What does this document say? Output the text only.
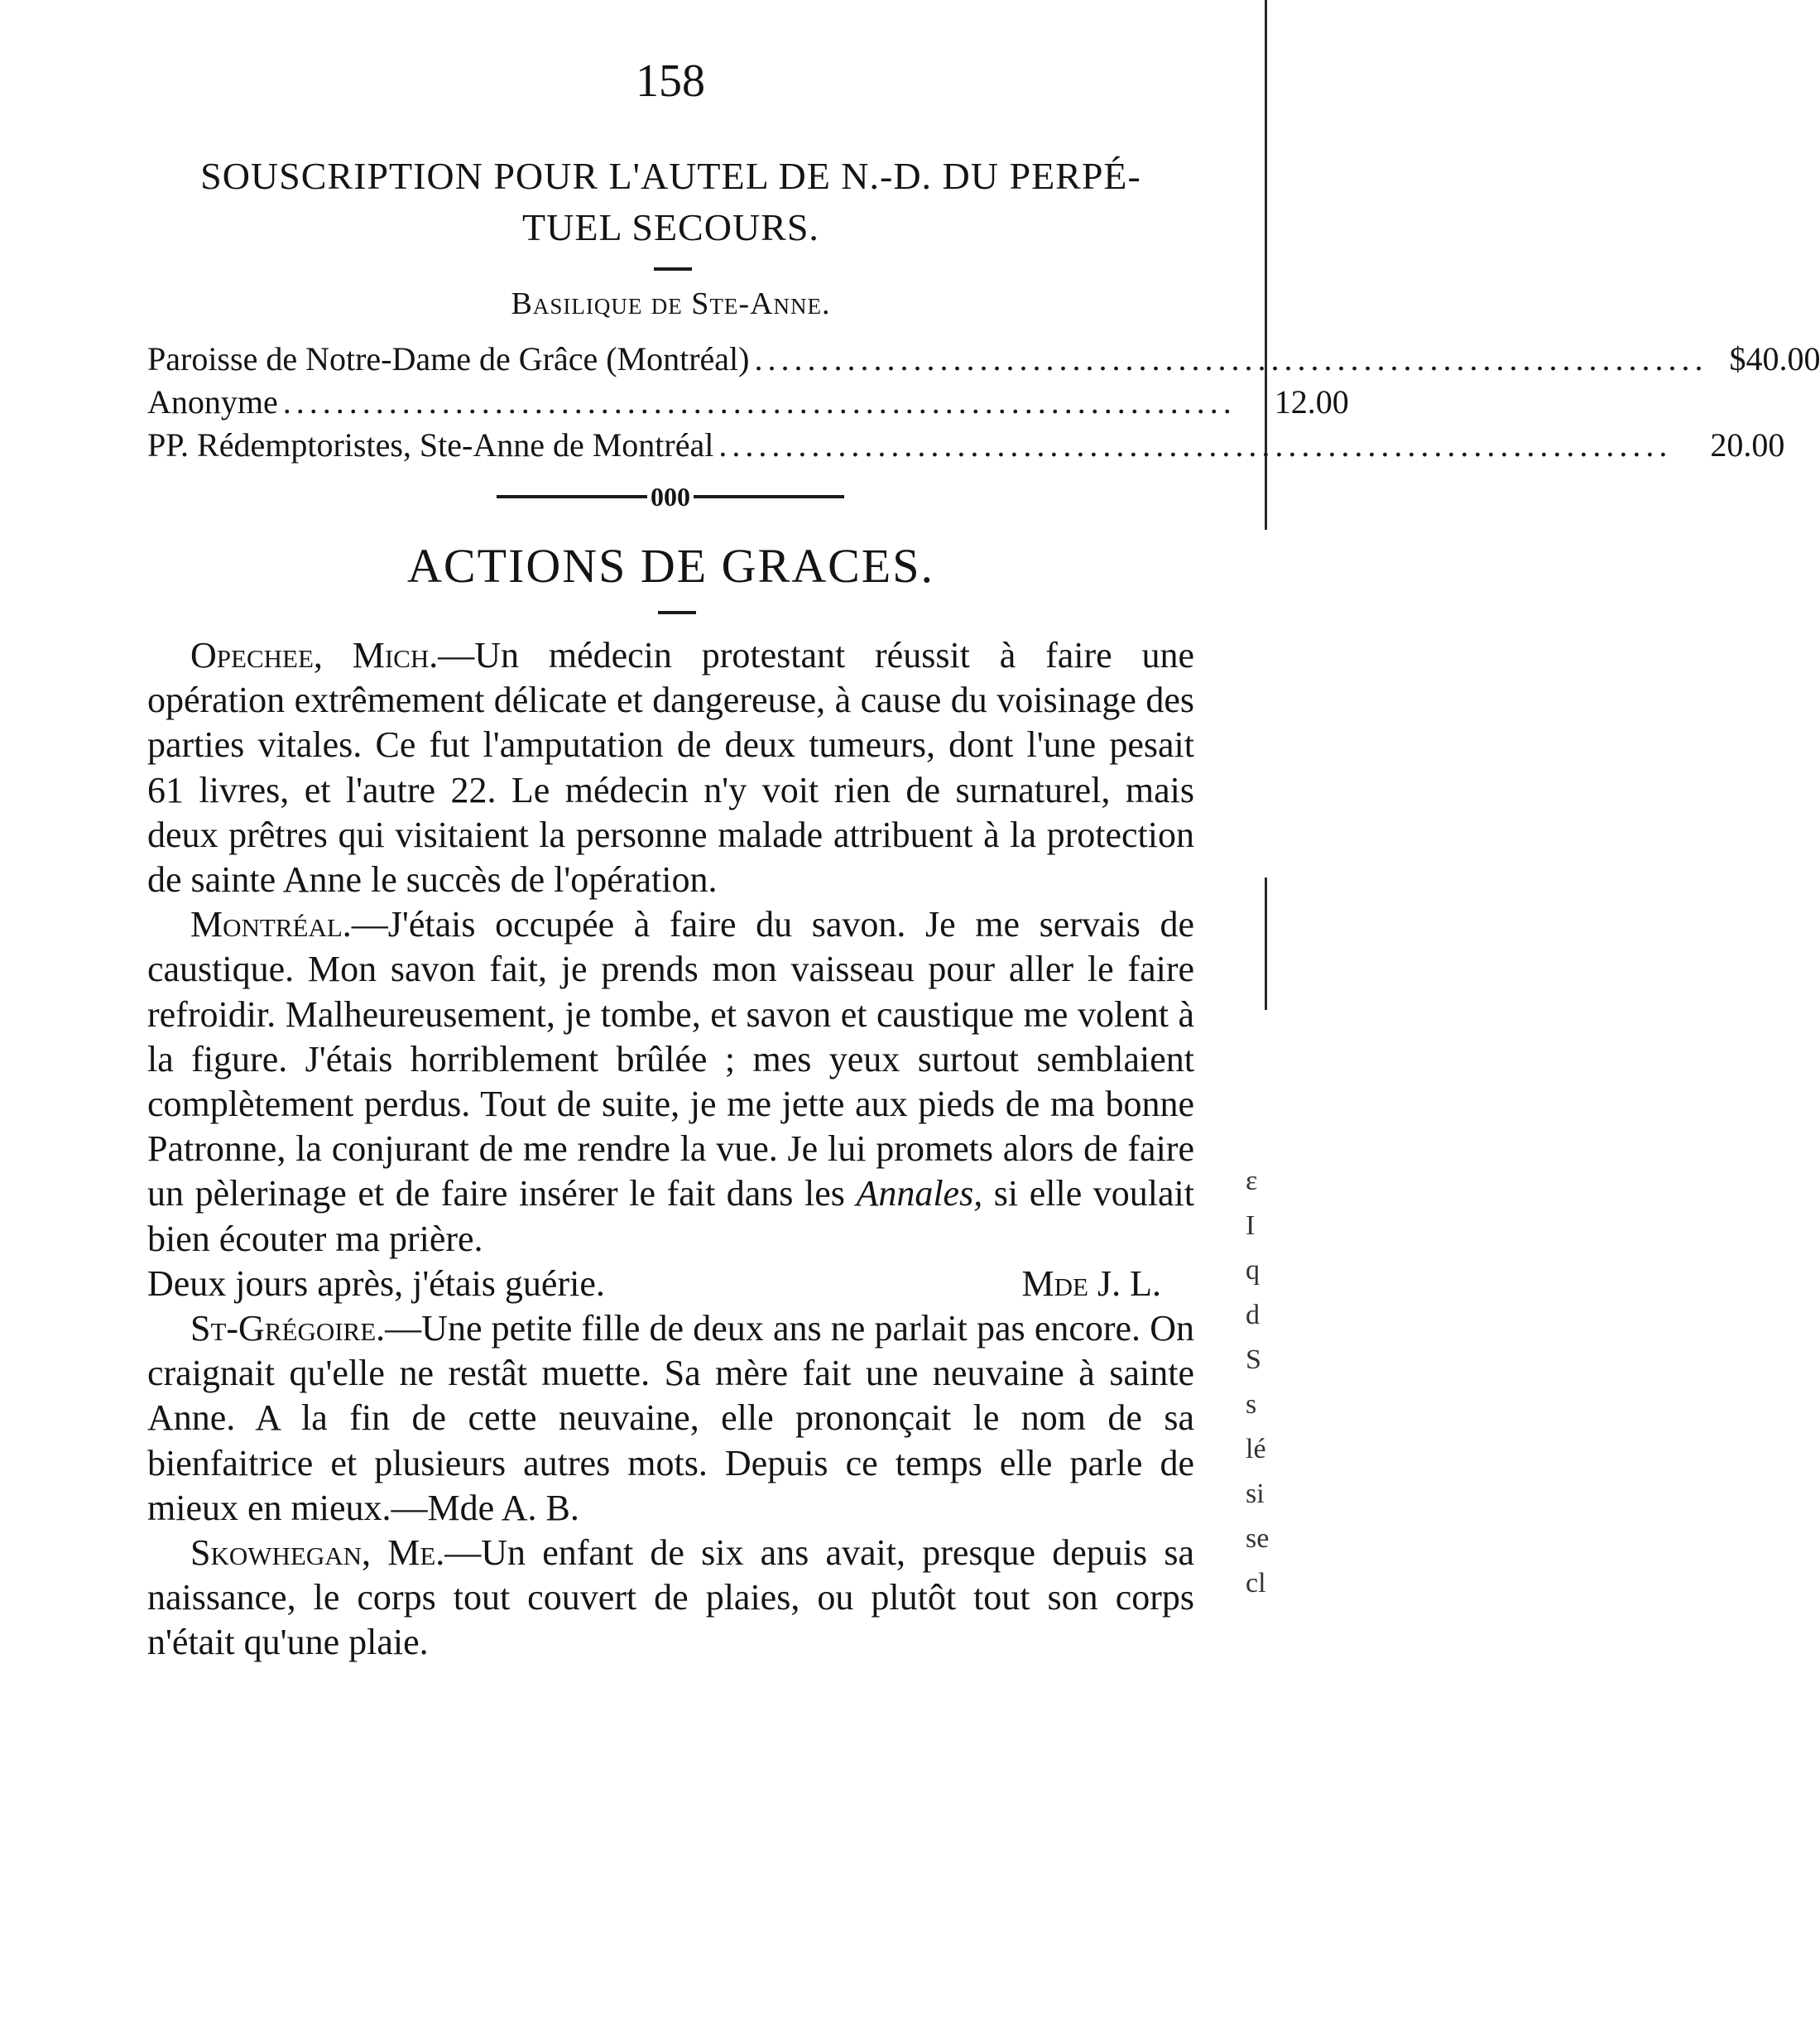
158
SOUSCRIPTION POUR L'AUTEL DE N.-D. DU PERPÉ-
TUEL SECOURS.
Basilique de Ste-Anne.
Paroisse de Notre-Dame de Grâce (Montréal) ........................................................................ $40.00
Anonyme ........................................................................	12.00
PP. Rédemptoristes, Ste-Anne de Montréal ........................................................................	20.00
000
ACTIONS DE GRACES.

Opechee, Mich.—Un médecin protestant réussit à faire une opération extrêmement délicate et dangereuse, à cause du voisinage des parties vitales. Ce fut l'amputation de deux tumeurs, dont l'une pesait 61 livres, et l'autre 22. Le médecin n'y voit rien de surnaturel, mais deux prêtres qui visitaient la personne malade attribuent à la protection de sainte Anne le succès de l'opération.

Montréal.—J'étais occupée à faire du savon. Je me servais de caustique. Mon savon fait, je prends mon vaisseau pour aller le faire refroidir. Malheureusement, je tombe, et savon et caustique me volent à la figure. J'étais horriblement brûlée ; mes yeux surtout semblaient complètement perdus. Tout de suite, je me jette aux pieds de ma bonne Patronne, la conjurant de me rendre la vue. Je lui promets alors de faire un pèlerinage et de faire insérer le fait dans les Annales, si elle voulait bien écouter ma prière.

Deux jours après, j'étais guérie.	Mde J. L.

St-Grégoire.—Une petite fille de deux ans ne parlait pas encore. On craignait qu'elle ne restât muette. Sa mère fait une neuvaine à sainte Anne. A la fin de cette neuvaine, elle prononçait le nom de sa bienfaitrice et plusieurs autres mots. Depuis ce temps elle parle de mieux en mieux.—Mde A. B.

Skowhegan, Me.—Un enfant de six ans avait, presque depuis sa naissance, le corps tout couvert de plaies, ou plutôt tout son corps n'était qu'une plaie.

ɛ
I
q
d
S
s
lé
si
se
cl
